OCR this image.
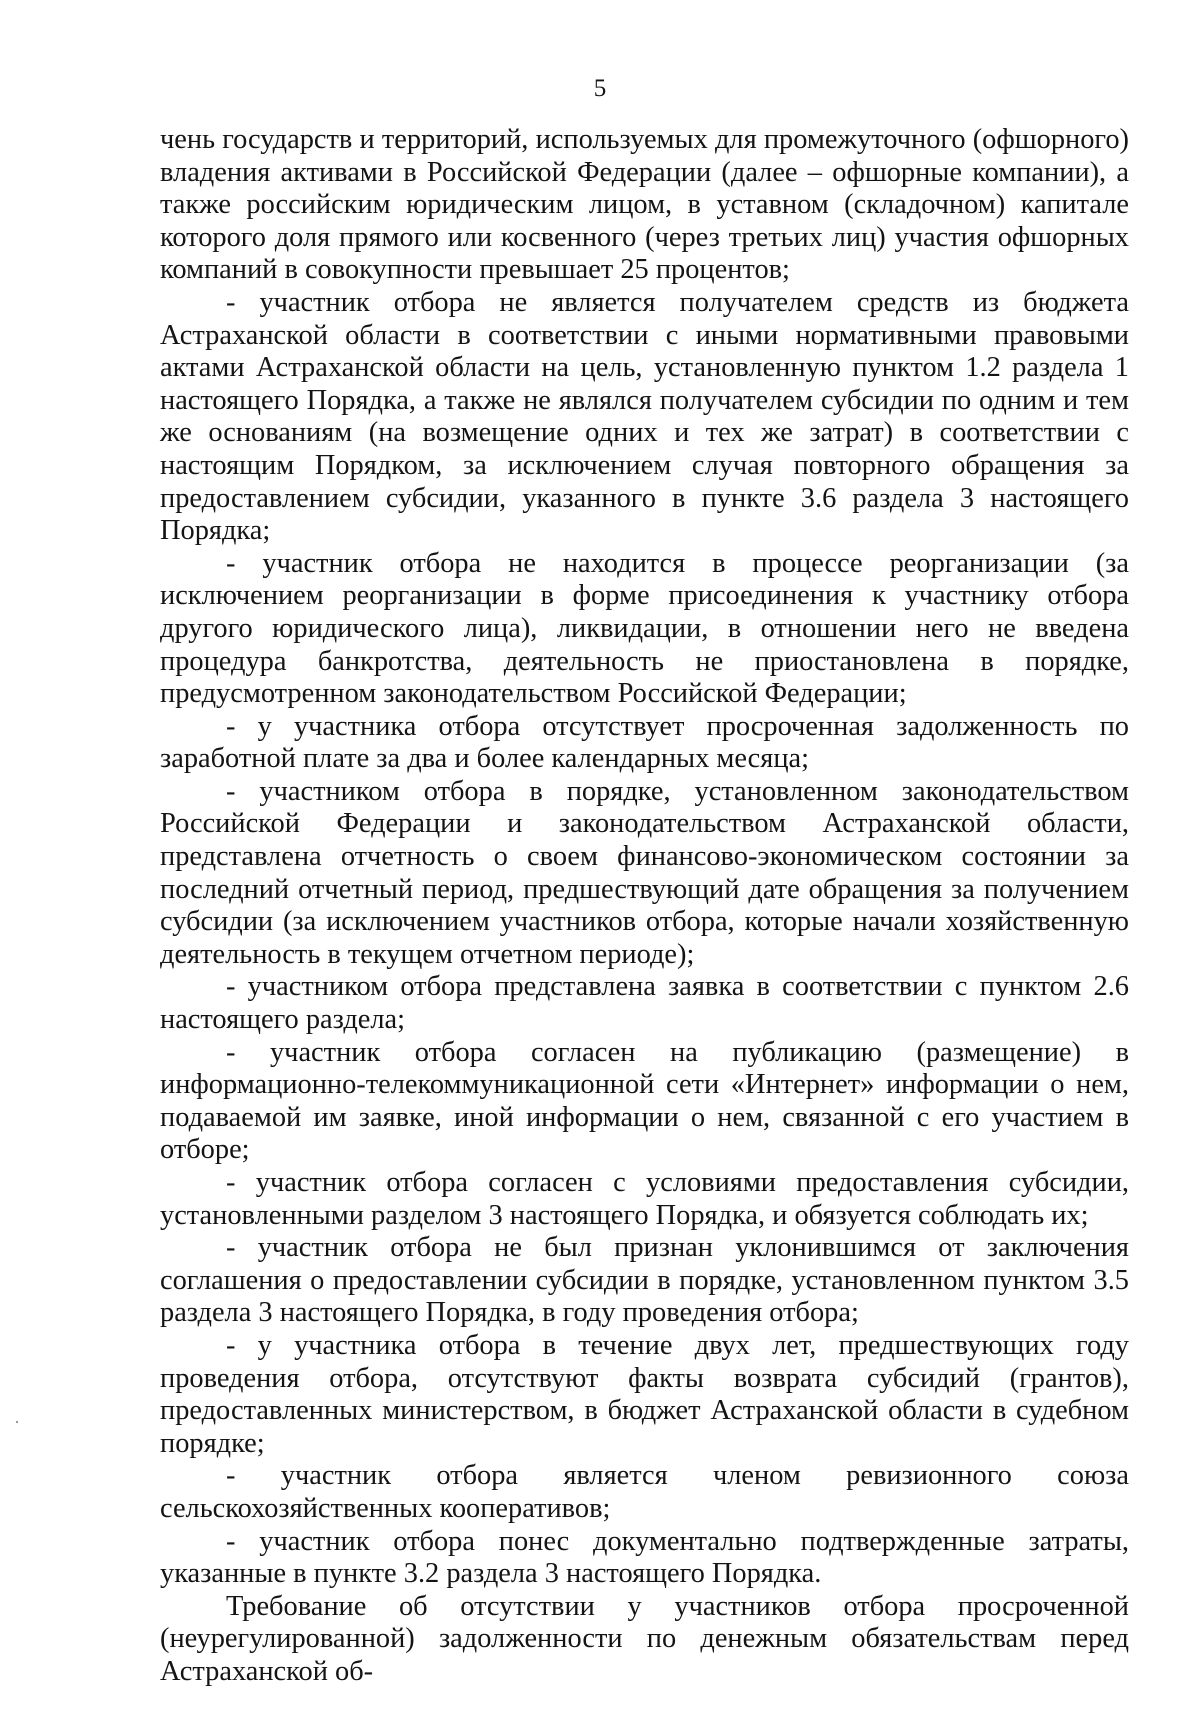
5

чень государств и территорий, используемых для промежуточного (офшорного) владения активами в Российской Федерации (далее – офшорные компании), а также российским юридическим лицом, в уставном (складочном) капитале которого доля прямого или косвенного (через третьих лиц) участия офшорных компаний в совокупности превышает 25 процентов;

- участник отбора не является получателем средств из бюджета Астраханской области в соответствии с иными нормативными правовыми актами Астраханской области на цель, установленную пунктом 1.2 раздела 1 настоящего Порядка, а также не являлся получателем субсидии по одним и тем же основаниям (на возмещение одних и тех же затрат) в соответствии с настоящим Порядком, за исключением случая повторного обращения за предоставлением субсидии, указанного в пункте 3.6 раздела 3 настоящего Порядка;

- участник отбора не находится в процессе реорганизации (за исключением реорганизации в форме присоединения к участнику отбора другого юридического лица), ликвидации, в отношении него не введена процедура банкротства, деятельность не приостановлена в порядке, предусмотренном законодательством Российской Федерации;

- у участника отбора отсутствует просроченная задолженность по заработной плате за два и более календарных месяца;

- участником отбора в порядке, установленном законодательством Российской Федерации и законодательством Астраханской области, представлена отчетность о своем финансово-экономическом состоянии за последний отчетный период, предшествующий дате обращения за получением субсидии (за исключением участников отбора, которые начали хозяйственную деятельность в текущем отчетном периоде);

- участником отбора представлена заявка в соответствии с пунктом 2.6 настоящего раздела;

- участник отбора согласен на публикацию (размещение) в информационно-телекоммуникационной сети «Интернет» информации о нем, подаваемой им заявке, иной информации о нем, связанной с его участием в отборе;

- участник отбора согласен с условиями предоставления субсидии, установленными разделом 3 настоящего Порядка, и обязуется соблюдать их;

- участник отбора не был признан уклонившимся от заключения соглашения о предоставлении субсидии в порядке, установленном пунктом 3.5 раздела 3 настоящего Порядка, в году проведения отбора;

- у участника отбора в течение двух лет, предшествующих году проведения отбора, отсутствуют факты возврата субсидий (грантов), предоставленных министерством, в бюджет Астраханской области в судебном порядке;

- участник отбора является членом ревизионного союза сельскохозяйственных кооперативов;

- участник отбора понес документально подтвержденные затраты, указанные в пункте 3.2 раздела 3 настоящего Порядка.

Требование об отсутствии у участников отбора просроченной (неурегулированной) задолженности по денежным обязательствам перед Астраханской об-
